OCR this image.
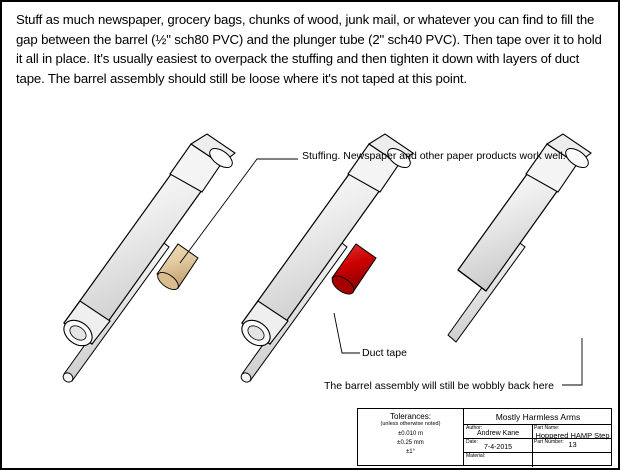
Stuff as much newspaper, grocery bags, chunks of wood, junk mail, or whatever you can find to fill the gap between the barrel (½" sch80 PVC) and the plunger tube (2" sch40 PVC). Then tape over it to hold it all in place. It's usually easiest to overpack the stuffing and then tighten it down with layers of duct tape. The barrel assembly should still be loose where it's not taped at this point.
Stuffing. Newspaper and other paper products work well.
Duct tape
The barrel assembly will still be wobbly back here
Tolerances:
(unless otherwise noted)
±0.010 m
±0.25 mm
±1°
Mostly Harmless Arms
Author:
Andrew Kane
Date:
7-4-2015
Material:
Part Name:
Hoppered HAMP Step 13
Part Number:
